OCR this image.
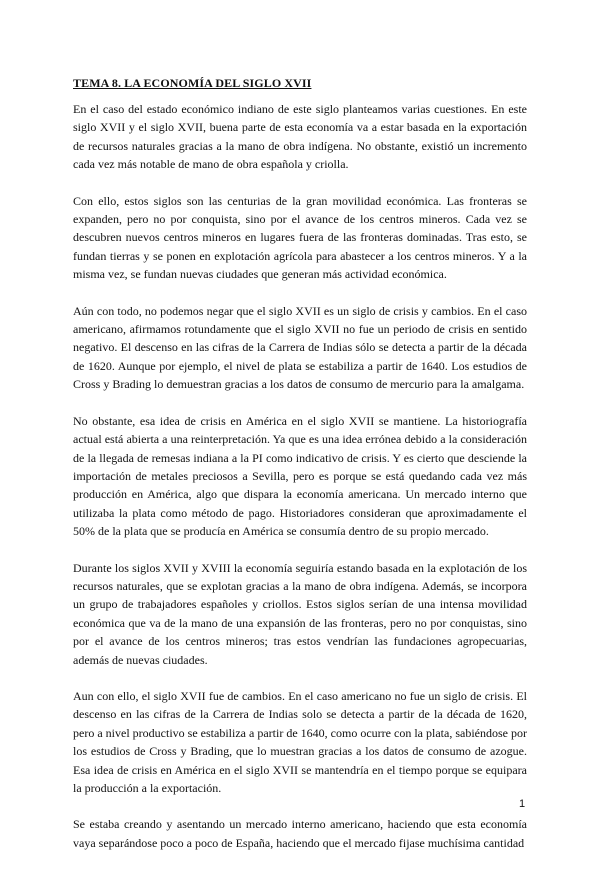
TEMA 8. LA ECONOMÍA DEL SIGLO XVII

En el caso del estado económico indiano de este siglo planteamos varias cuestiones. En este siglo XVII y el siglo XVII, buena parte de esta economía va a estar basada en la exportación de recursos naturales gracias a la mano de obra indígena. No obstante, existió un incremento cada vez más notable de mano de obra española y criolla.

Con ello, estos siglos son las centurias de la gran movilidad económica. Las fronteras se expanden, pero no por conquista, sino por el avance de los centros mineros. Cada vez se descubren nuevos centros mineros en lugares fuera de las fronteras dominadas. Tras esto, se fundan tierras y se ponen en explotación agrícola para abastecer a los centros mineros. Y a la misma vez, se fundan nuevas ciudades que generan más actividad económica.

Aún con todo, no podemos negar que el siglo XVII es un siglo de crisis y cambios. En el caso americano, afirmamos rotundamente que el siglo XVII no fue un periodo de crisis en sentido negativo. El descenso en las cifras de la Carrera de Indias sólo se detecta a partir de la década de 1620. Aunque por ejemplo, el nivel de plata se estabiliza a partir de 1640. Los estudios de Cross y Brading lo demuestran gracias a los datos de consumo de mercurio para la amalgama.

No obstante, esa idea de crisis en América en el siglo XVII se mantiene. La historiografía actual está abierta a una reinterpretación. Ya que es una idea errónea debido a la consideración de la llegada de remesas indiana a la PI como indicativo de crisis. Y es cierto que desciende la importación de metales preciosos a Sevilla, pero es porque se está quedando cada vez más producción en América, algo que dispara la economía americana. Un mercado interno que utilizaba la plata como método de pago. Historiadores consideran que aproximadamente el 50% de la plata que se producía en América se consumía dentro de su propio mercado.

Durante los siglos XVII y XVIII la economía seguiría estando basada en la explotación de los recursos naturales, que se explotan gracias a la mano de obra indígena. Además, se incorpora un grupo de trabajadores españoles y criollos. Estos siglos serían de una intensa movilidad económica que va de la mano de una expansión de las fronteras, pero no por conquistas, sino por el avance de los centros mineros; tras estos vendrían las fundaciones agropecuarias, además de nuevas ciudades.

Aun con ello, el siglo XVII fue de cambios. En el caso americano no fue un siglo de crisis. El descenso en las cifras de la Carrera de Indias solo se detecta a partir de la década de 1620, pero a nivel productivo se estabiliza a partir de 1640, como ocurre con la plata, sabiéndose por los estudios de Cross y Brading, que lo muestran gracias a los datos de consumo de azogue. Esa idea de crisis en América en el siglo XVII se mantendría en el tiempo porque se equipara la producción a la exportación.

Se estaba creando y asentando un mercado interno americano, haciendo que esta economía vaya separándose poco a poco de España, haciendo que el mercado fijase muchísima cantidad

1
